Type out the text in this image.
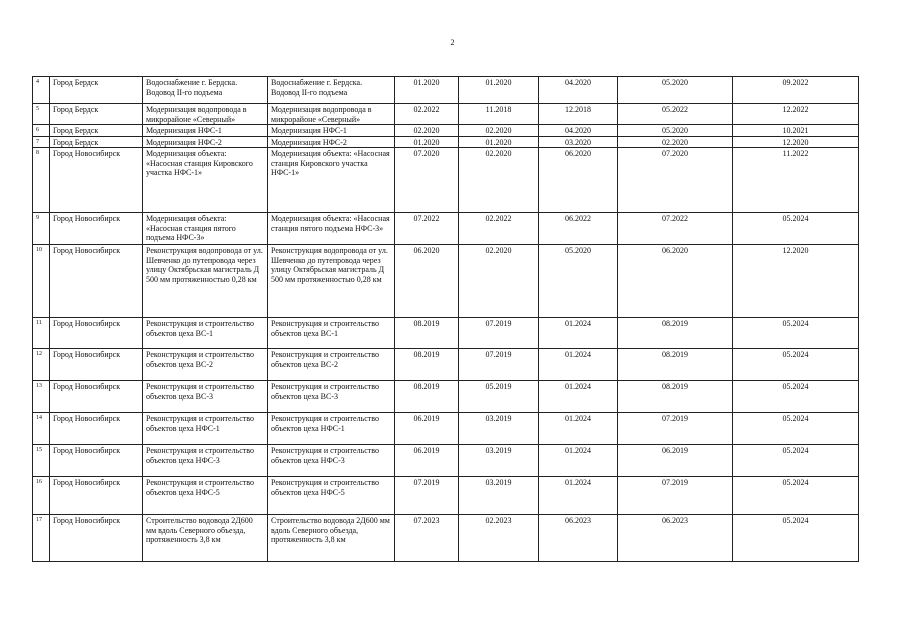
2
4	Город Бердск	Водоснабжение г. Бердска. Водовод II-го подъема	Водоснабжение г. Бердска. Водовод II-го подъема	01.2020	01.2020	04.2020	05.2020	09.2022
5	Город Бердск	Модернизация водопровода в микрорайоне «Северный»	Модернизация водопровода в микрорайоне «Северный»	02.2022	11.2018	12.2018	05.2022	12.2022
6	Город Бердск	Модернизация НФС-1	Модернизация НФС-1	02.2020	02.2020	04.2020	05.2020	10.2021
7	Город Бердск	Модернизация НФС-2	Модернизация НФС-2	01.2020	01.2020	03.2020	02.2020	12.2020
8	Город Новосибирск	Модернизация объекта: «Насосная станция Кировского участка НФС-1»	Модернизация объекта: «Насосная станция Кировского участка НФС-1»	07.2020	02.2020	06.2020	07.2020	11.2022
9	Город Новосибирск	Модернизация объекта: «Насосная станция пятого подъема НФС-3»	Модернизация объекта: «Насосная станция пятого подъема НФС-3»	07.2022	02.2022	06.2022	07.2022	05.2024
10	Город Новосибирск	Реконструкция водопровода от ул. Шевченко до путепровода через улицу Октябрьская магистраль Д 500 мм протяженностью 0,28 км	Реконструкция водопровода от ул. Шевченко до путепровода через улицу Октябрьская магистраль Д 500 мм протяженностью 0,28 км	06.2020	02.2020	05.2020	06.2020	12.2020
11	Город Новосибирск	Реконструкция и строительство объектов цеха ВС-1	Реконструкция и строительство объектов цеха ВС-1	08.2019	07.2019	01.2024	08.2019	05.2024
12	Город Новосибирск	Реконструкция и строительство объектов цеха ВС-2	Реконструкция и строительство объектов цеха ВС-2	08.2019	07.2019	01.2024	08.2019	05.2024
13	Город Новосибирск	Реконструкция и строительство объектов цеха ВС-3	Реконструкция и строительство объектов цеха ВС-3	08.2019	05.2019	01.2024	08.2019	05.2024
14	Город Новосибирск	Реконструкция и строительство объектов цеха НФС-1	Реконструкция и строительство объектов цеха НФС-1	06.2019	03.2019	01.2024	07.2019	05.2024
15	Город Новосибирск	Реконструкция и строительство объектов цеха НФС-3	Реконструкция и строительство объектов цеха НФС-3	06.2019	03.2019	01.2024	06.2019	05.2024
16	Город Новосибирск	Реконструкция и строительство объектов цеха НФС-5	Реконструкция и строительство объектов цеха НФС-5	07.2019	03.2019	01.2024	07.2019	05.2024
17	Город Новосибирск	Строительство водовода 2Д600 мм вдоль Северного объезда, протяженность 3,8 км	Строительство водовода 2Д600 мм вдоль Северного объезда, протяженность 3,8 км	07.2023	02.2023	06.2023	06.2023	05.2024
